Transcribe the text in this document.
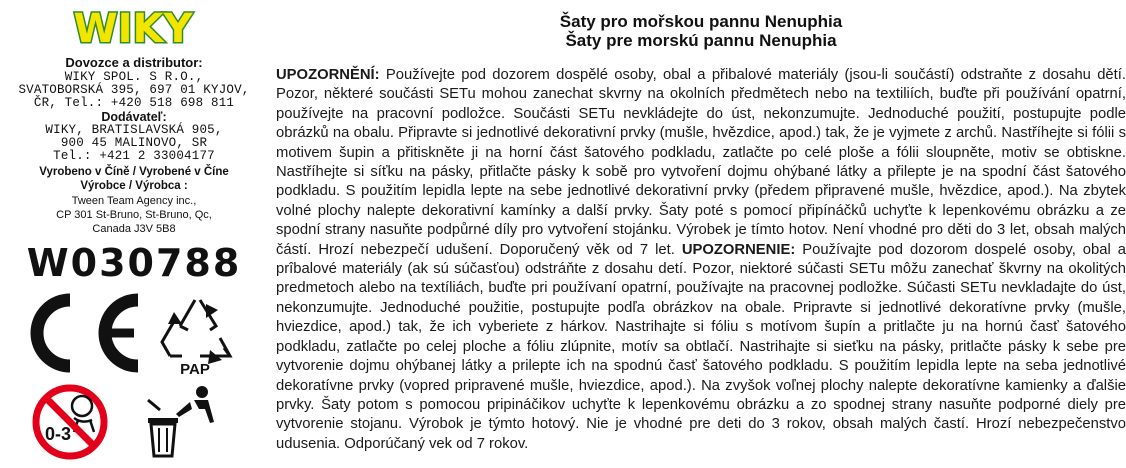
WIKY
Dovozce a distributor:
WIKY SPOL. S R.O.,
SVATOBORSKÁ 395, 697 01 KYJOV,
ČR, Tel.: +420 518 698 811
Dodávateľ:
WIKY, BRATISLAVSKÁ 905,
900 45 MALINOVO, SR
Tel.: +421 2 33004177
Vyrobeno v Číně / Vyrobené v Číne
Výrobce / Výrobca :
Tween Team Agency inc.,
CP 301 St-Bruno, St-Bruno, Qc,
Canada J3V 5B8
W030788
PAP
0-3
Šaty pro mořskou pannu Nenuphia
Šaty pre morskú pannu Nenuphia
UPOZORNĚNÍ: Používejte pod dozorem dospělé osoby, obal a přibalové materiály (jsou-li součástí) odstraňte z dosahu dětí. Pozor, některé součásti SETu mohou zanechat skvrny na okolních předmětech nebo na textiliích, buďte při používání opatrní, používejte na pracovní podložce. Součásti SETu nevkládejte do úst, nekonzumujte. Jednoduché použití, postupujte podle obrázků na obalu. Připravte si jednotlivé dekorativní prvky (mušle, hvězdice, apod.) tak, že je vyjmete z archů. Nastříhejte si fólii s motivem šupin a přitiskněte ji na horní část šatového podkladu, zatlačte po celé ploše a fólii sloupněte, motiv se obtiskne. Nastříhejte si síťku na pásky, přitlačte pásky k sobě pro vytvoření dojmu ohýbané látky a přilepte je na spodní část šatového podkladu. S použitím lepidla lepte na sebe jednotlivé dekorativní prvky (předem připravené mušle, hvězdice, apod.). Na zbytek volné plochy nalepte dekorativní kamínky a další prvky. Šaty poté s pomocí připínáčků uchyťte k lepenkovému obrázku a ze spodní strany nasuňte podpůrné díly pro vytvoření stojánku. Výrobek je tímto hotov. Není vhodné pro děti do 3 let, obsah malých částí. Hrozí nebezpečí udušení. Doporučený věk od 7 let. UPOZORNENIE: Používajte pod dozorom dospelé osoby, obal a prîbalové materiály (ak sú súčasťou) odstráňte z dosahu detí. Pozor, niektoré súčasti SETu môžu zanechať škvrny na okolitých predmetoch alebo na textíliách, buďte pri používaní opatrní, používajte na pracovnej podložke. Súčasti SETu nevkladajte do úst, nekonzumujte. Jednoduché použitie, postupujte podľa obrázkov na obale. Pripravte si jednotlivé dekoratívne prvky (mušle, hviezdice, apod.) tak, že ich vyberiete z hárkov. Nastrihajte si fóliu s motívom šupín a pritlačte ju na hornú časť šatového podkladu, zatlačte po celej ploche a fóliu zlúpnite, motív sa obtlačí. Nastrihajte si sieťku na pásky, pritlačte pásky k sebe pre vytvorenie dojmu ohýbanej látky a prilepte ich na spodnú časť šatového podkladu. S použitím lepidla lepte na seba jednotlivé dekoratívne prvky (vopred pripravené mušle, hviezdice, apod.). Na zvyšok voľnej plochy nalepte dekoratívne kamienky a ďalšie prvky. Šaty potom s pomocou pripináčikov uchyťte k lepenkovému obrázku a zo spodnej strany nasuňte podporné diely pre vytvorenie stojanu. Výrobok je týmto hotový. Nie je vhodné pre deti do 3 rokov, obsah malých častí. Hrozí nebezpečenstvo udusenia. Odporúčaný vek od 7 rokov.
